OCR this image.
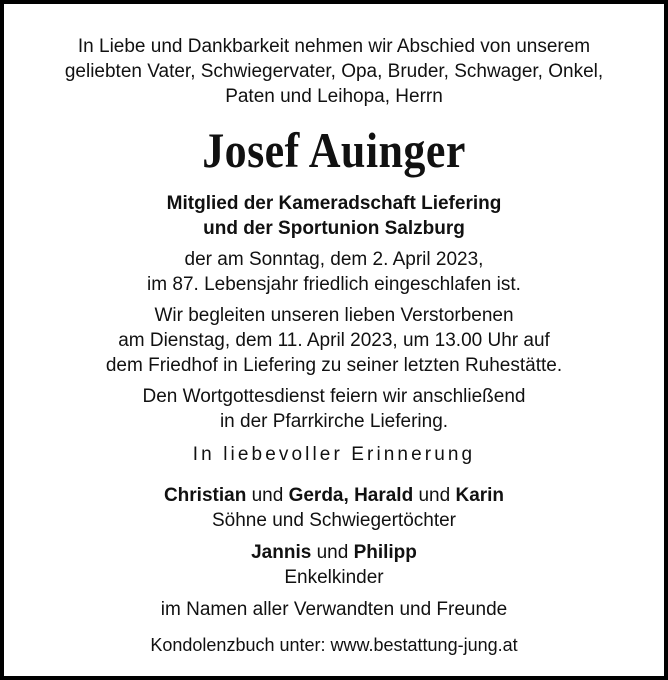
In Liebe und Dankbarkeit nehmen wir Abschied von unserem
geliebten Vater, Schwiegervater, Opa, Bruder, Schwager, Onkel,
Paten und Leihopa, Herrn
Josef Auinger
Mitglied der Kameradschaft Liefering
und der Sportunion Salzburg
der am Sonntag, dem 2. April 2023,
im 87. Lebensjahr friedlich eingeschlafen ist.
Wir begleiten unseren lieben Verstorbenen
am Dienstag, dem 11. April 2023, um 13.00 Uhr auf
dem Friedhof in Liefering zu seiner letzten Ruhestätte.
Den Wortgottesdienst feiern wir anschließend
in der Pfarrkirche Liefering.
In liebevoller Erinnerung
Christian und Gerda, Harald und Karin
Söhne und Schwiegertöchter
Jannis und Philipp
Enkelkinder
im Namen aller Verwandten und Freunde
Kondolenzbuch unter: www.bestattung-jung.at
